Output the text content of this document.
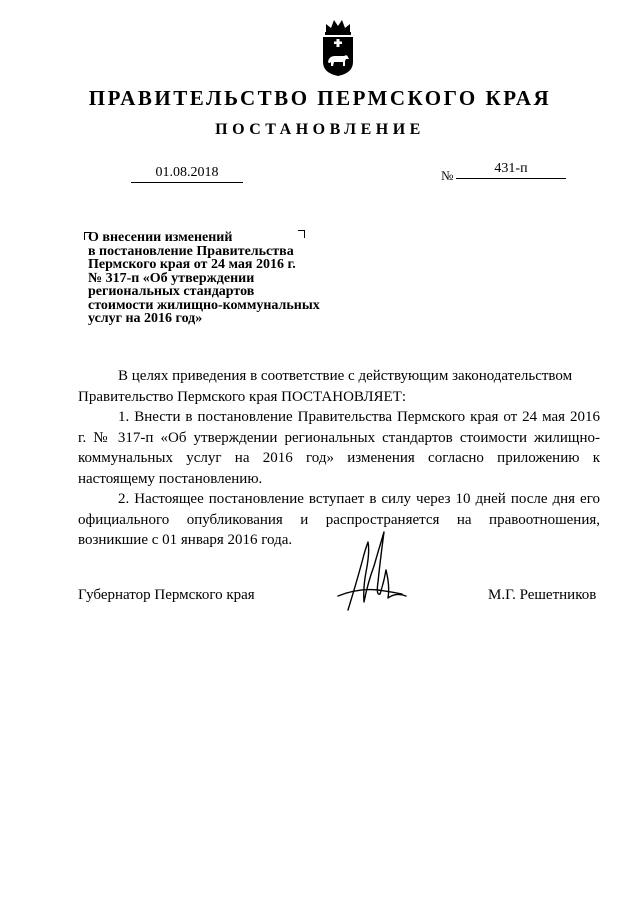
ПРАВИТЕЛЬСТВО ПЕРМСКОГО КРАЯ
ПОСТАНОВЛЕНИЕ
01.08.2018	№	431-п
О внесении изменений
в постановление Правительства
Пермского края от 24 мая 2016 г.
№ 317-п «Об утверждении
региональных стандартов
стоимости жилищно-коммунальных
услуг на 2016 год»

В целях приведения в соответствие с действующим законодательством

Правительство Пермского края ПОСТАНОВЛЯЕТ:

1. Внести в постановление Правительства Пермского края от 24 мая 2016 г. № 317-п «Об утверждении региональных стандартов стоимости жилищно-коммунальных услуг на 2016 год» изменения согласно приложению к настоящему постановлению.

2. Настоящее постановление вступает в силу через 10 дней после дня его официального опубликования и распространяется на правоотношения, возникшие с 01 января 2016 года.

Губернатор Пермского края	М.Г. Решетников
